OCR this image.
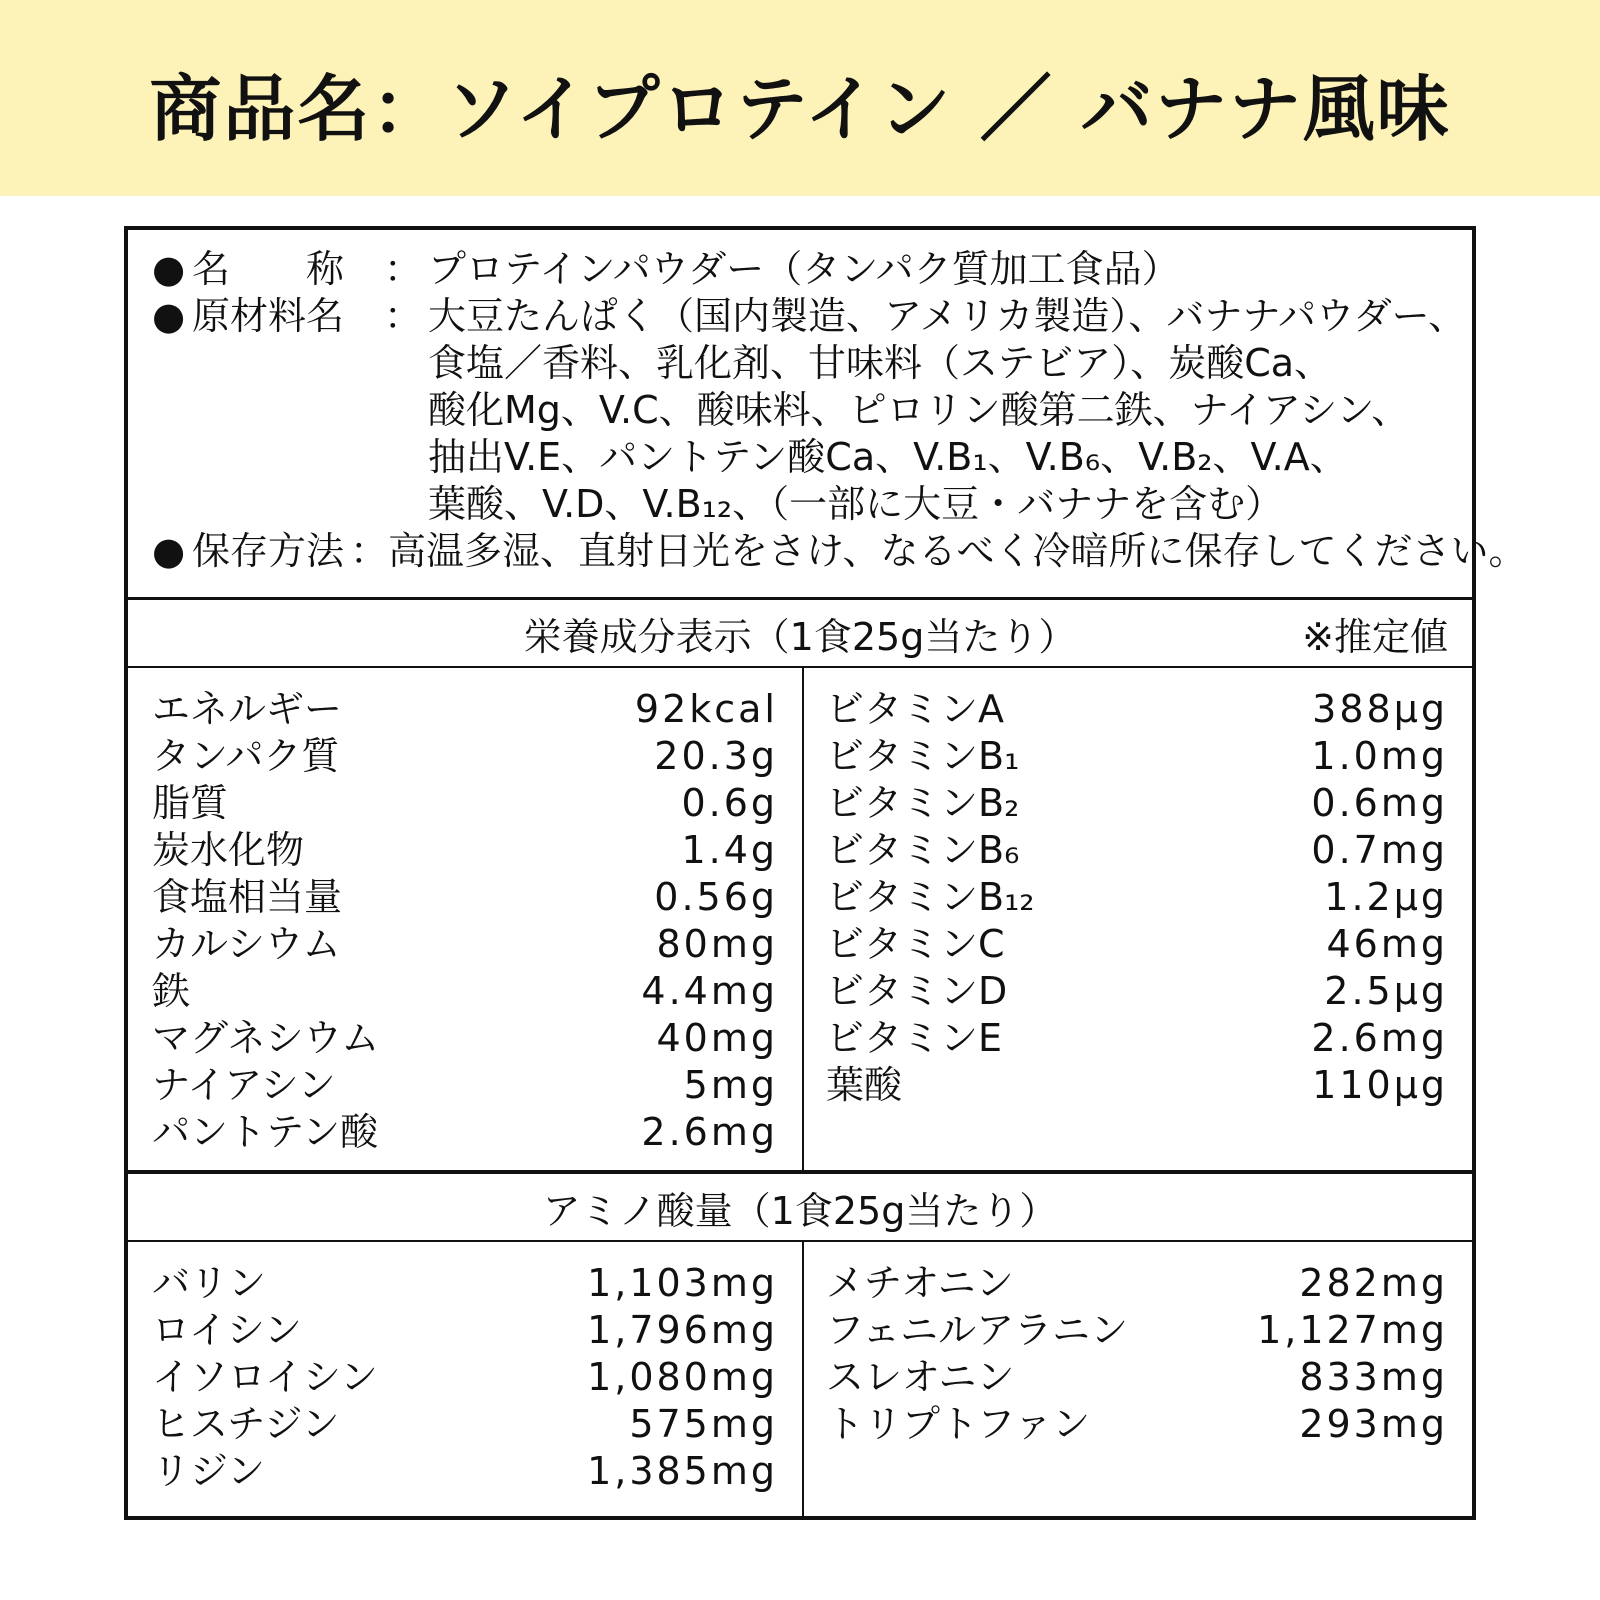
商品名：ソイプロテイン ／ バナナ風味
● 名　　称	： プロテインパウダー（タンパク質加工食品）
● 原材料名	： 大豆たんぱく（国内製造、アメリカ製造）、バナナパウダー、
食塩／香料、乳化剤、甘味料（ステビア）、炭酸Ca、
酸化Mg、V.C、酸味料、ピロリン酸第二鉄、ナイアシン、
抽出V.E、パントテン酸Ca、V.B₁、V.B₆、V.B₂、V.A、
葉酸、V.D、V.B₁₂、（一部に大豆・バナナを含む）
● 保存方法 ： 高温多湿、直射日光をさけ、なるべく冷暗所に保存してください。
栄養成分表示（1食25g当たり）	※推定値
エネルギー	92kcal
タンパク質	20.3g
脂質	0.6g
炭水化物	1.4g
食塩相当量	0.56g
カルシウム	80mg
鉄	4.4mg
マグネシウム	40mg
ナイアシン	5mg
パントテン酸	2.6mg
ビタミンA	388μg
ビタミンB₁	1.0mg
ビタミンB₂	0.6mg
ビタミンB₆	0.7mg
ビタミンB₁₂	1.2μg
ビタミンC	46mg
ビタミンD	2.5μg
ビタミンE	2.6mg
葉酸	110μg
アミノ酸量（1食25g当たり）
バリン	1,103mg
ロイシン	1,796mg
イソロイシン	1,080mg
ヒスチジン	575mg
リジン	1,385mg
メチオニン	282mg
フェニルアラニン	1,127mg
スレオニン	833mg
トリプトファン	293mg
